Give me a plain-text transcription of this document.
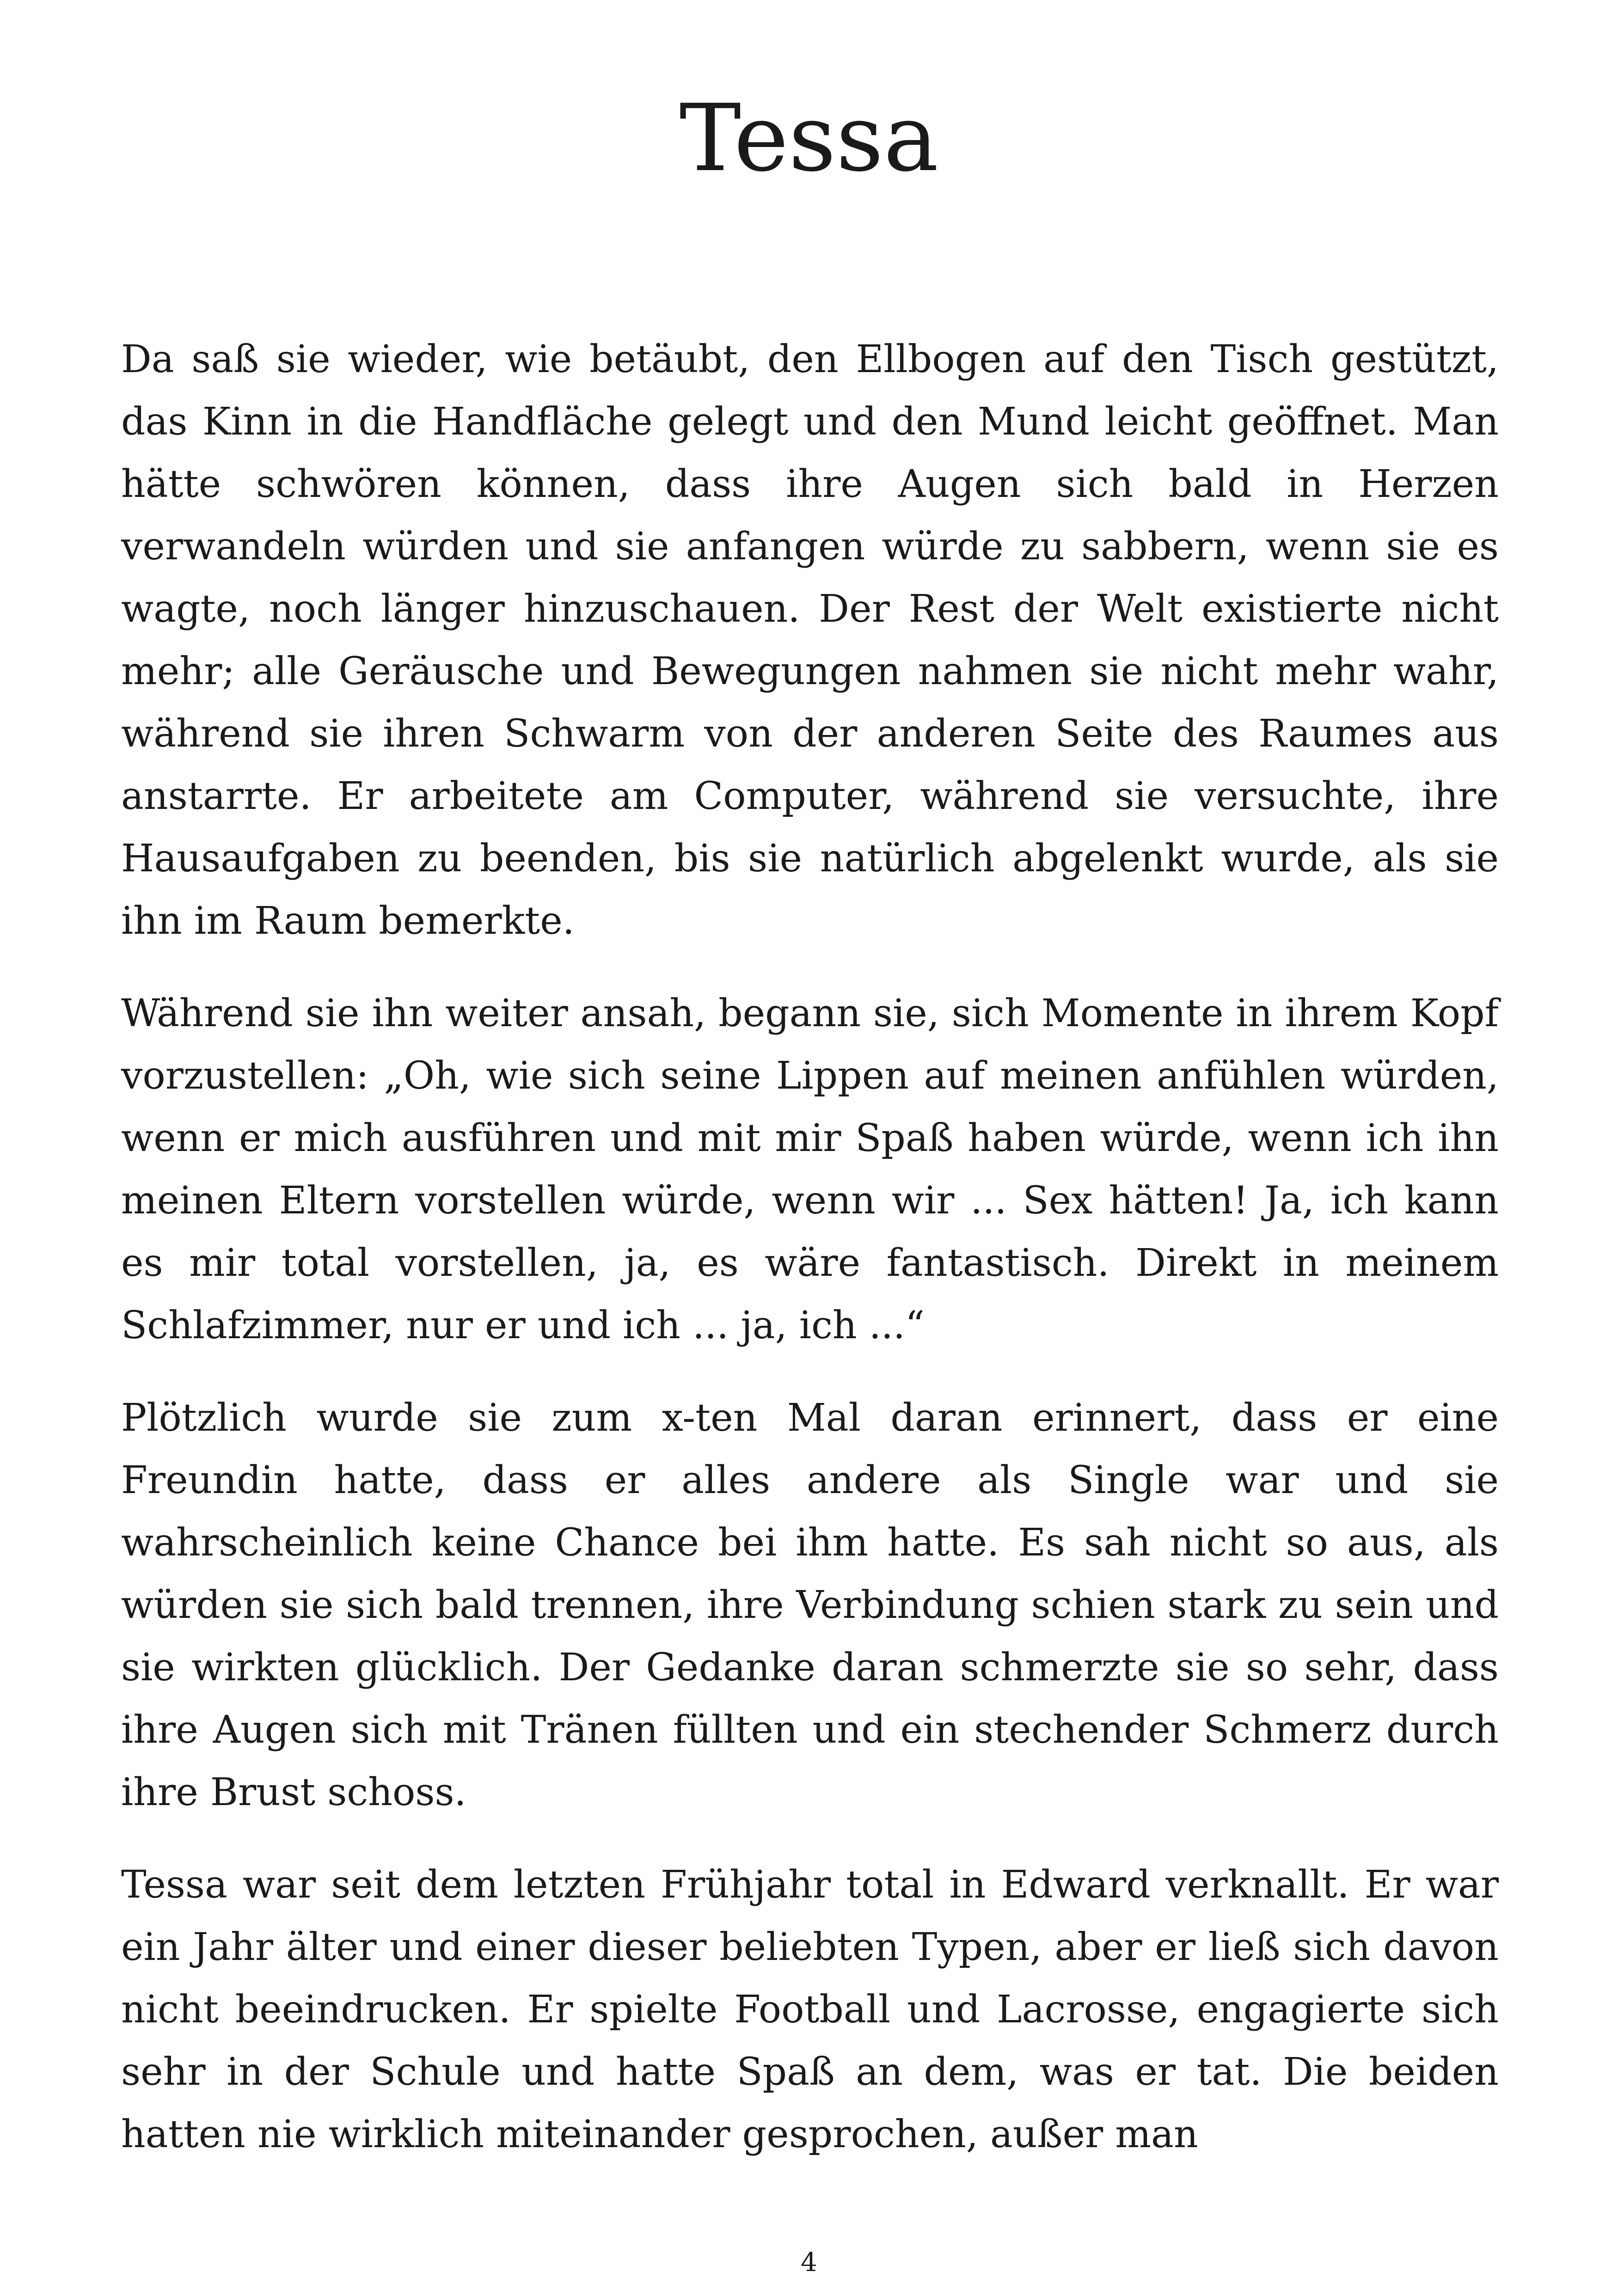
Tessa

Da saß sie wieder, wie betäubt, den Ellbogen auf den Tisch gestützt, das Kinn in die Handfläche gelegt und den Mund leicht geöffnet. Man hätte schwören können, dass ihre Augen sich bald in Herzen verwandeln würden und sie anfangen würde zu sabbern, wenn sie es wagte, noch länger hinzuschauen. Der Rest der Welt existierte nicht mehr; alle Geräusche und Bewegungen nahmen sie nicht mehr wahr, während sie ihren Schwarm von der anderen Seite des Raumes aus anstarrte. Er arbeitete am Computer, während sie versuchte, ihre Hausaufgaben zu beenden, bis sie natürlich abgelenkt wurde, als sie ihn im Raum bemerkte.

Während sie ihn weiter ansah, begann sie, sich Momente in ihrem Kopf vorzustellen: „Oh, wie sich seine Lippen auf meinen anfühlen würden, wenn er mich ausführen und mit mir Spaß haben würde, wenn ich ihn meinen Eltern vorstellen würde, wenn wir ... Sex hätten! Ja, ich kann es mir total vorstellen, ja, es wäre fantastisch. Direkt in meinem Schlafzimmer, nur er und ich ... ja, ich ...“

Plötzlich wurde sie zum x-ten Mal daran erinnert, dass er eine Freundin hatte, dass er alles andere als Single war und sie wahrscheinlich keine Chance bei ihm hatte. Es sah nicht so aus, als würden sie sich bald trennen, ihre Verbindung schien stark zu sein und sie wirkten glücklich. Der Gedanke daran schmerzte sie so sehr, dass ihre Augen sich mit Tränen füllten und ein stechender Schmerz durch ihre Brust schoss.

Tessa war seit dem letzten Frühjahr total in Edward verknallt. Er war ein Jahr älter und einer dieser beliebten Typen, aber er ließ sich davon nicht beeindrucken. Er spielte Football und Lacrosse, engagierte sich sehr in der Schule und hatte Spaß an dem, was er tat. Die beiden hatten nie wirklich miteinander gesprochen, außer man

4
